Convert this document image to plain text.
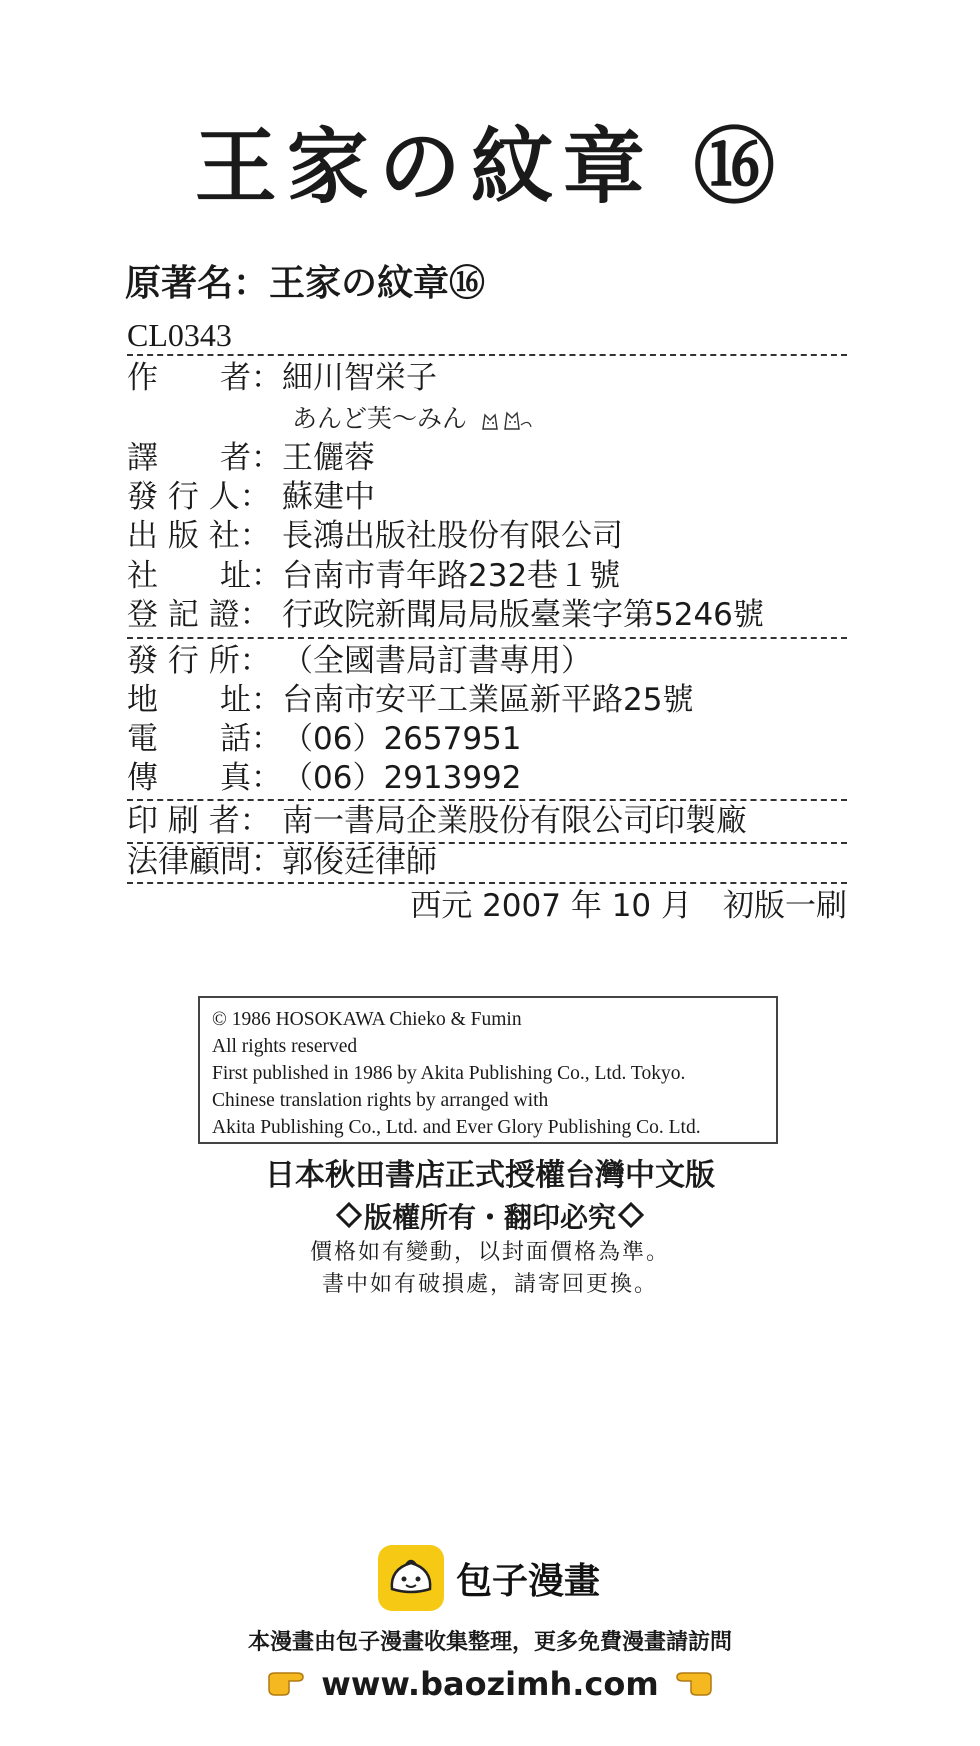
王家の紋章 ⑯
原著名：王家の紋章⑯
CL0343
作　　者：細川智栄子
あんど芙～みん
譯　　者：王儷蓉
發 行 人： 蘇建中
出 版 社： 長鴻出版社股份有限公司
社　　址：台南市青年路232巷１號
登 記 證： 行政院新聞局局版臺業字第5246號
發 行 所： （全國書局訂書專用）
地　　址：台南市安平工業區新平路25號
電　　話：（06）2657951
傳　　真：（06）2913992
印 刷 者： 南一書局企業股份有限公司印製廠
法律顧問：郭俊廷律師
西元 2007 年 10 月　初版一刷
© 1986 HOSOKAWA Chieko & Fumin
All rights reserved
First published in 1986 by Akita Publishing Co., Ltd. Tokyo.
Chinese translation rights by arranged with
Akita Publishing Co., Ltd. and Ever Glory Publishing Co. Ltd.
日本秋田書店正式授權台灣中文版
版權所有・翻印必究
價格如有變動，以封面價格為準。
書中如有破損處，請寄回更換。
包子漫畫
本漫畫由包子漫畫收集整理，更多免費漫畫請訪問
www.baozimh.com
